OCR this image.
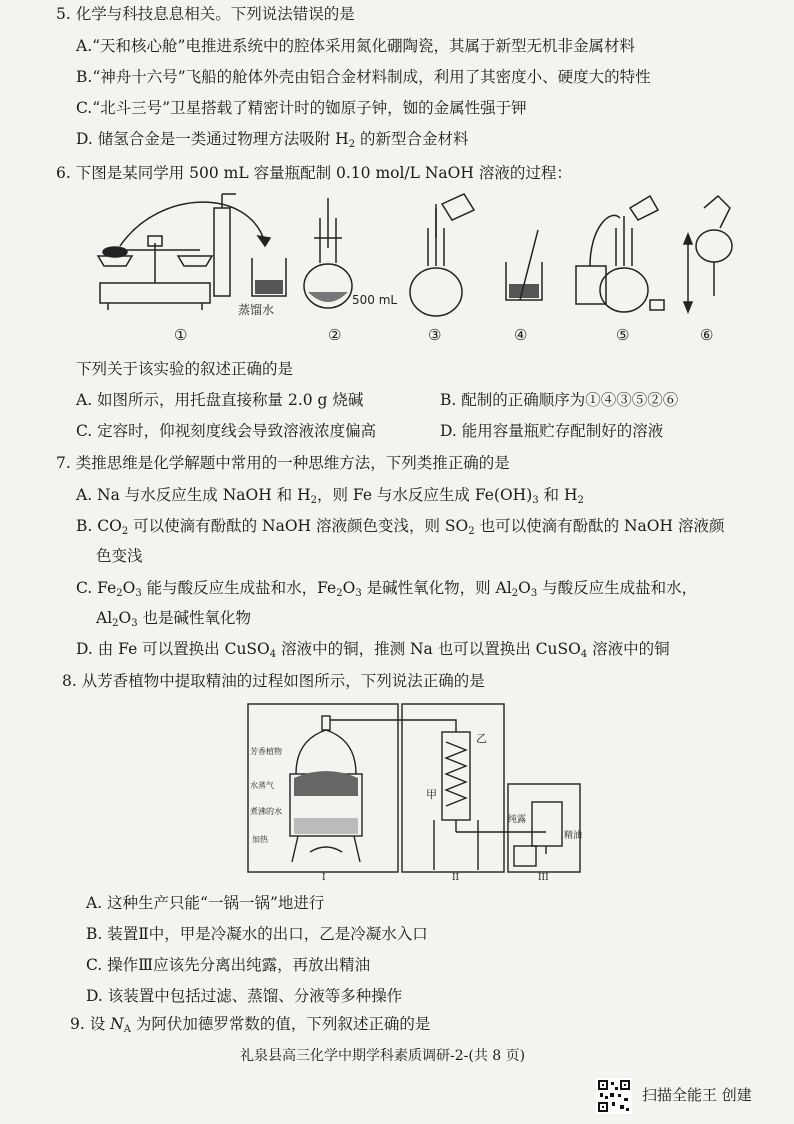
5. 化学与科技息息相关。下列说法错误的是
A.“天和核心舱”电推进系统中的腔体采用氮化硼陶瓷，其属于新型无机非金属材料
B.“神舟十六号”飞船的舱体外壳由铝合金材料制成，利用了其密度小、硬度大的特性
C.“北斗三号”卫星搭载了精密计时的铷原子钟，铷的金属性强于钾
D. 储氢合金是一类通过物理方法吸附 $H_2$ 的新型合金材料
6. 下图是某同学用 500 mL 容量瓶配制 0.10 mol/L NaOH 溶液的过程：
蒸馏水
500 mL
①	②	③	④	⑤	⑥
下列关于该实验的叙述正确的是
A. 如图所示，用托盘直接称量 2.0 g 烧碱	B. 配制的正确顺序为①④③⑤②⑥
C. 定容时，仰视刻度线会导致溶液浓度偏高	D. 能用容量瓶贮存配制好的溶液
7. 类推思维是化学解题中常用的一种思维方法，下列类推正确的是
A. Na 与水反应生成 NaOH 和 $H_2$，则 Fe 与水反应生成 $Fe(OH)_3$ 和 $H_2$
B. $CO_2$ 可以使滴有酚酞的 NaOH 溶液颜色变浅，则 $SO_2$ 也可以使滴有酚酞的 NaOH 溶液颜
色变浅
C. $Fe_2O_3$ 能与酸反应生成盐和水，$Fe_2O_3$ 是碱性氧化物，则 $Al_2O_3$ 与酸反应生成盐和水，
$Al_2O_3$ 也是碱性氧化物
D. 由 Fe 可以置换出 CuSO$_4$ 溶液中的铜，推测 Na 也可以置换出 CuSO$_4$ 溶液中的铜
8. 从芳香植物中提取精油的过程如图所示，下列说法正确的是
芳香植物
水蒸气
煮沸的水
加热
甲
乙
纯露
精油
I	II	III
A. 这种生产只能“一锅一锅”地进行
B. 装置Ⅱ中，甲是冷凝水的出口，乙是冷凝水入口
C. 操作Ⅲ应该先分离出纯露，再放出精油
D. 该装置中包括过滤、蒸馏、分液等多种操作
9. 设 $N_A$ 为阿伏加德罗常数的值，下列叙述正确的是
礼泉县高三化学中期学科素质调研-2-(共 8 页)
扫描全能王 创建
